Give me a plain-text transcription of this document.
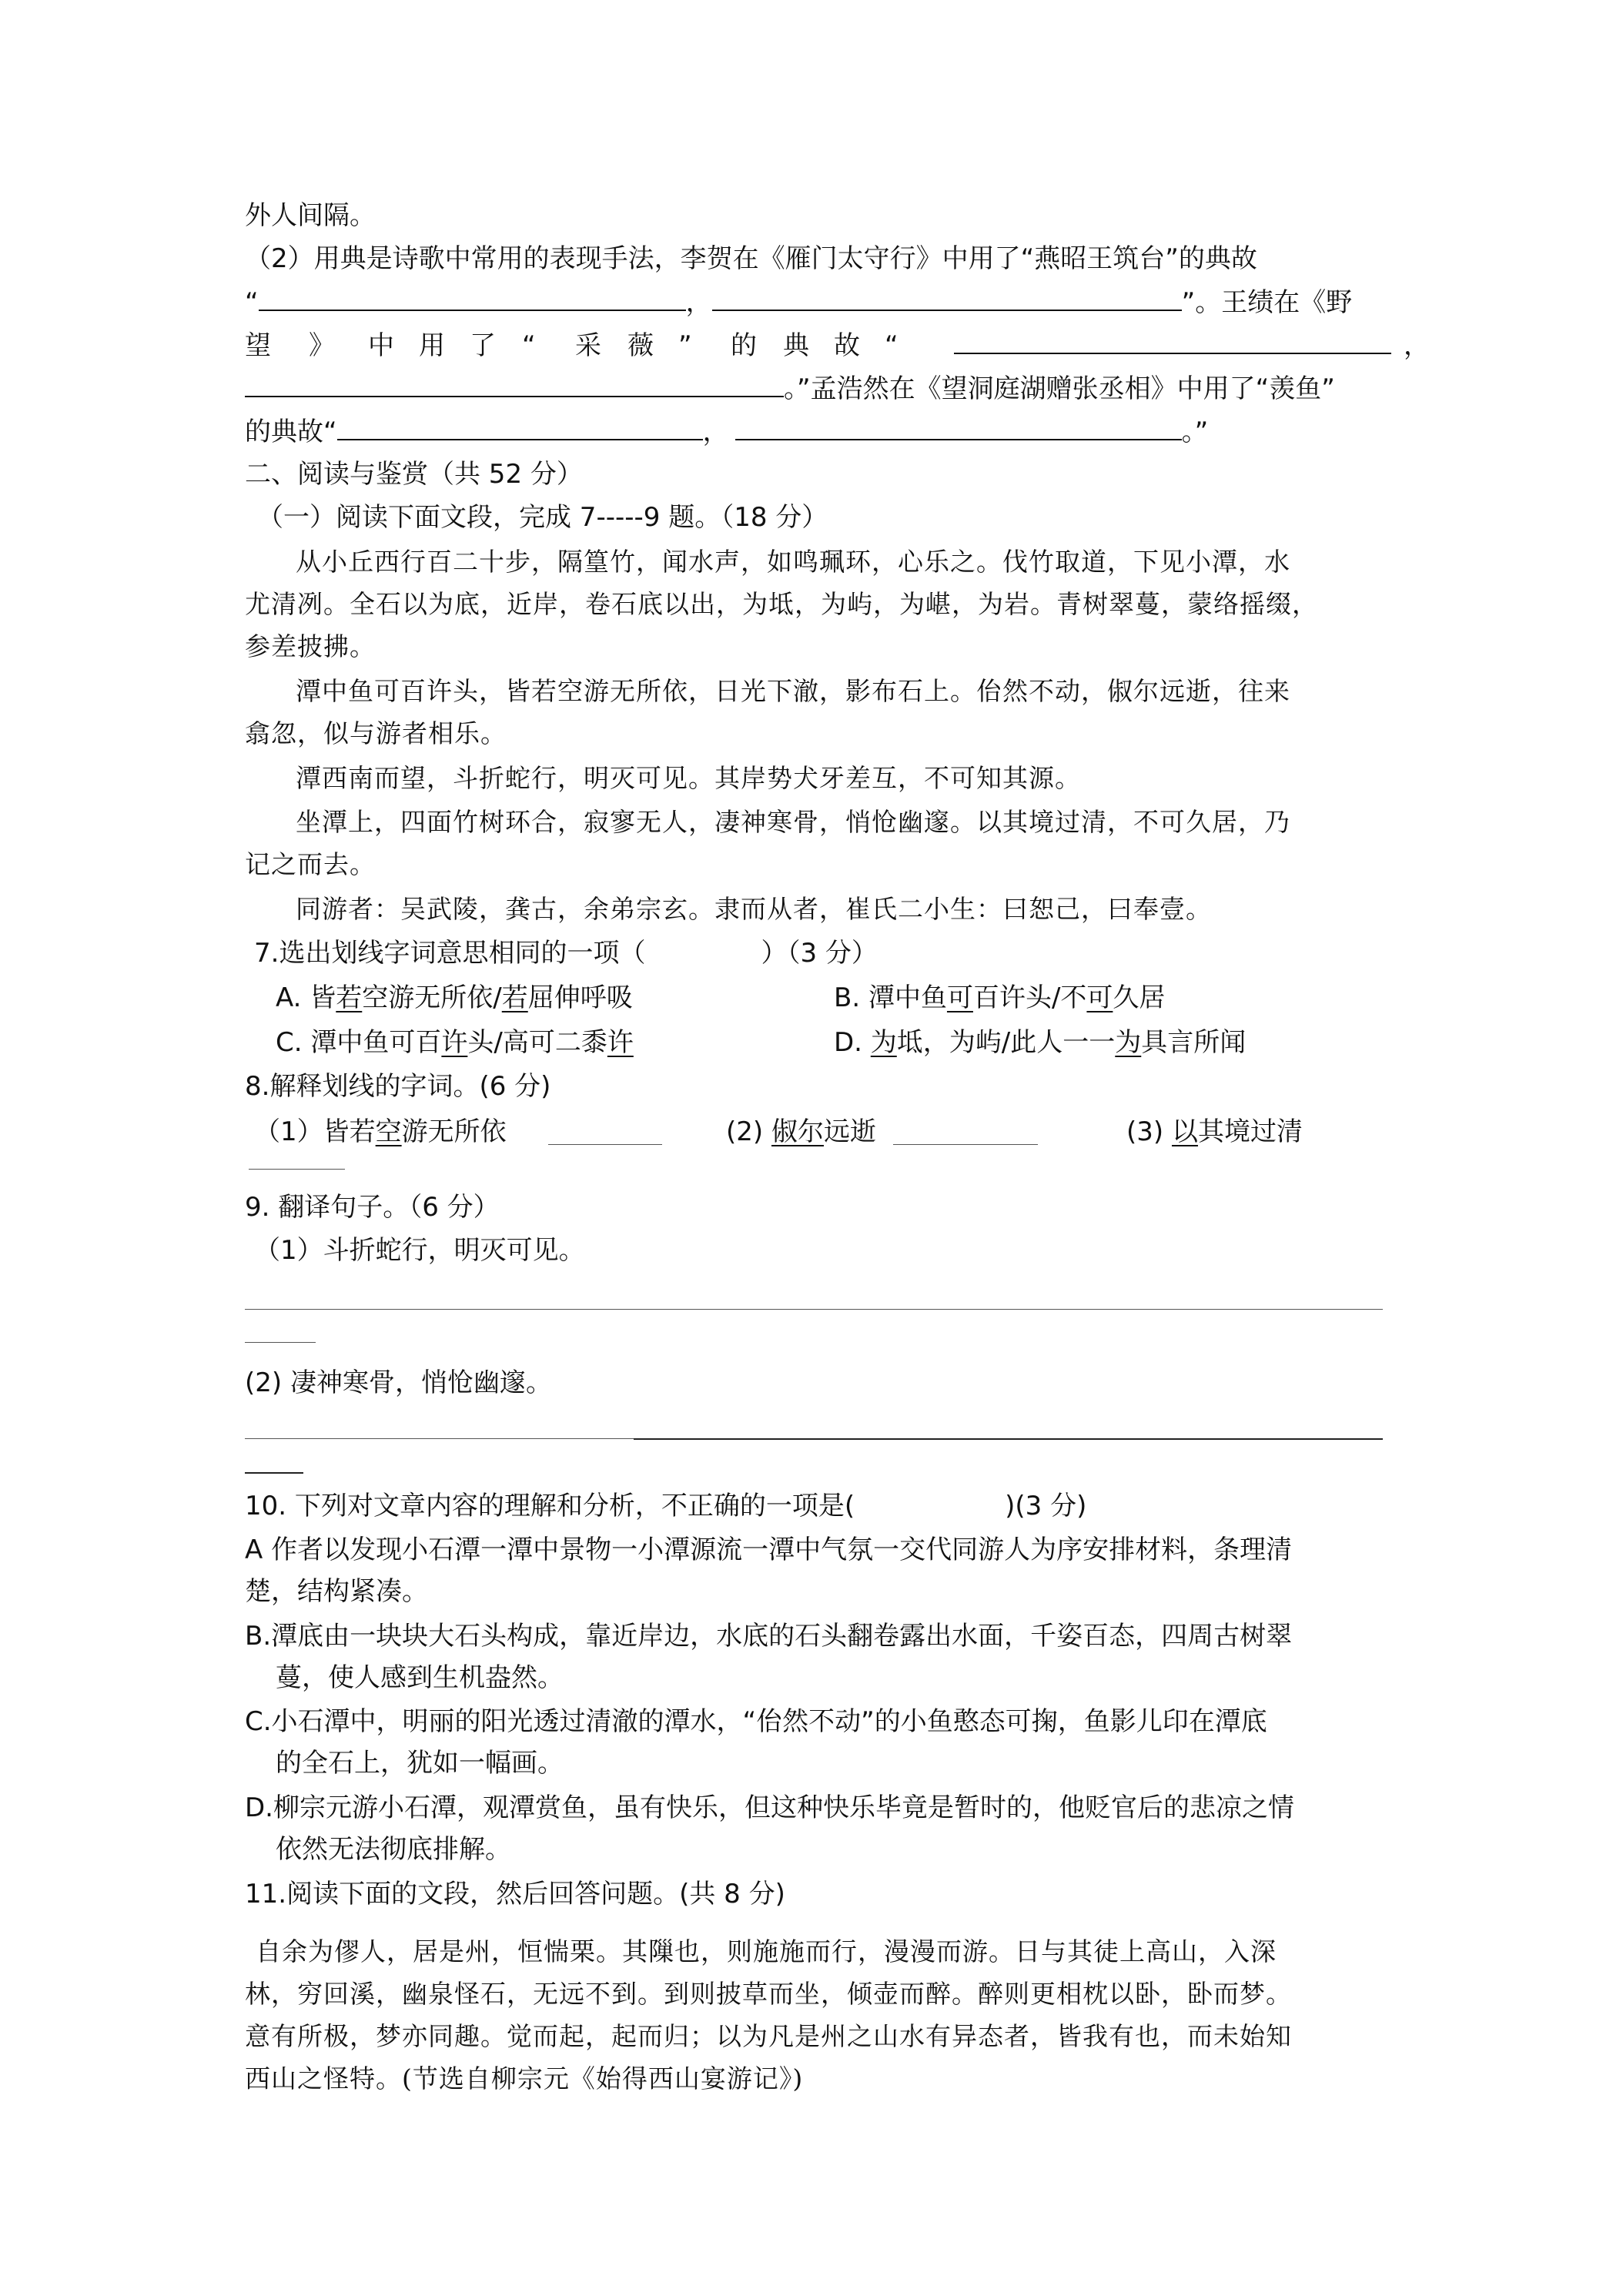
外人间隔。
（2）用典是诗歌中常用的表现手法，李贺在《雁门太守行》中用了“燕昭王筑台”的典故
“	，	”。王绩在《野
望 》 中 用 了 “ 采 薇 ” 的 典 故 “	，
。”孟浩然在《望洞庭湖赠张丞相》中用了“羡鱼”
的典故“	，	。”
二、阅读与鉴赏（共 52 分）
（一）阅读下面文段，完成 7-----9 题。（18 分）
从小丘西行百二十步，隔篁竹，闻水声，如鸣珮环，心乐之。伐竹取道，下见小潭，水
尤清冽。全石以为底，近岸，卷石底以出，为坻，为屿，为嵁，为岩。青树翠蔓，蒙络摇缀，
参差披拂。
潭中鱼可百许头，皆若空游无所依，日光下澈，影布石上。佁然不动，俶尔远逝，往来
翕忽，似与游者相乐。
潭西南而望，斗折蛇行，明灭可见。其岸势犬牙差互，不可知其源。
坐潭上，四面竹树环合，寂寥无人，凄神寒骨，悄怆幽邃。以其境过清，不可久居，乃
记之而去。
同游者：吴武陵，龚古，余弟宗玄。隶而从者，崔氏二小生：曰恕己，曰奉壹。
7.选出划线字词意思相同的一项（	）（3 分）
A. 皆若空游无所依/若屈伸呼吸	B. 潭中鱼可百许头/不可久居
C. 潭中鱼可百许头/高可二黍许	D. 为坻，为屿/此人一一为具言所闻
8.解释划线的字词。(6 分)
（1）皆若空游无所依	(2) 俶尔远逝	(3) 以其境过清
9. 翻译句子。（6 分）
（1）斗折蛇行，明灭可见。
(2) 凄神寒骨，悄怆幽邃。
10. 下列对文章内容的理解和分析，不正确的一项是(	)(3 分)
A 作者以发现小石潭一潭中景物一小潭源流一潭中气氛一交代同游人为序安排材料，条理清
楚，结构紧凑。
B.潭底由一块块大石头构成，靠近岸边，水底的石头翻卷露出水面，千姿百态，四周古树翠
蔓，使人感到生机盎然。
C.小石潭中，明丽的阳光透过清澈的潭水，“佁然不动”的小鱼憨态可掬，鱼影儿印在潭底
的全石上，犹如一幅画。
D.柳宗元游小石潭，观潭赏鱼，虽有快乐，但这种快乐毕竟是暂时的，他贬官后的悲凉之情
依然无法彻底排解。
11.阅读下面的文段，然后回答问题。(共 8 分)
自余为僇人，居是州，恒惴栗。其隟也，则施施而行，漫漫而游。日与其徒上高山，入深
林，穷回溪，幽泉怪石，无远不到。到则披草而坐，倾壶而醉。醉则更相枕以卧，卧而梦。
意有所极，梦亦同趣。觉而起，起而归；以为凡是州之山水有异态者，皆我有也，而未始知
西山之怪特。(节选自柳宗元《始得西山宴游记》)
